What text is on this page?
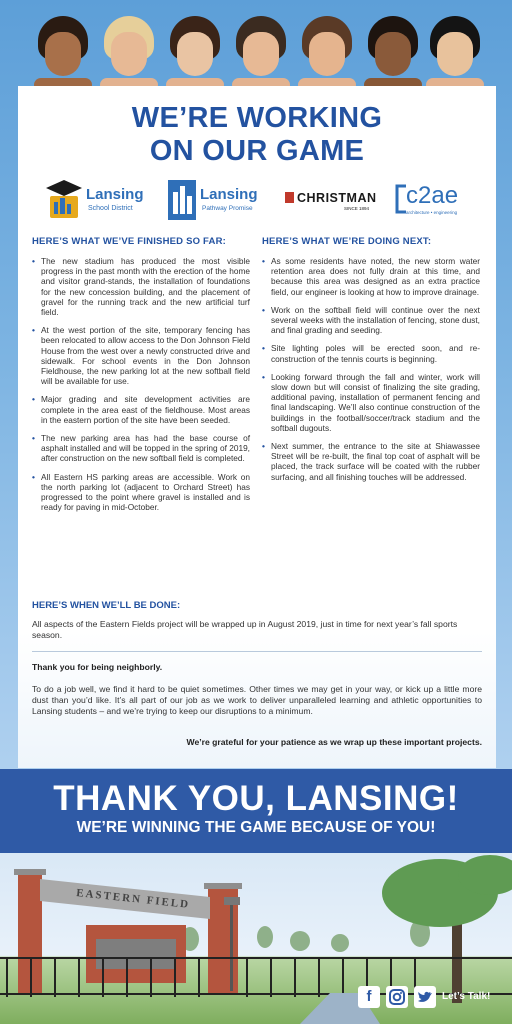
WE’RE WORKING
ON OUR GAME
Lansing
School District
Lansing
Pathway Promise
CHRISTMAN
SINCE 1894 c2ae
architecture • engineering
HERE’S WHAT WE’VE FINISHED SO FAR:
• The new stadium has produced the most visible progress in the past month with the erection of the home and visitor grand-stands, the installation of foundations for the new concession building, and the placement of gravel for the running track and the new artificial turf field.
• At the west portion of the site, temporary fencing has been relocated to allow access to the Don Johnson Field House from the west over a newly constructed drive and sidewalk. For school events in the Don Johnson Fieldhouse, the new parking lot at the new softball field will be available for use.
• Major grading and site development activities are complete in the area east of the fieldhouse. Most areas in the eastern portion of the site have been seeded.
• The new parking area has had the base course of asphalt installed and will be topped in the spring of 2019, after construction on the new softball field is completed.
• All Eastern HS parking areas are accessible. Work on the north parking lot (adjacent to Orchard Street) has progressed to the point where gravel is installed and is ready for paving in mid-October.
HERE’S WHAT WE’RE DOING NEXT:
• As some residents have noted, the new storm water retention area does not fully drain at this time, and because this area was designed as an extra practice field, our engineer is looking at how to improve drainage.
• Work on the softball field will continue over the next several weeks with the installation of fencing, stone dust, and final grading and seeding.
• Site lighting poles will be erected soon, and re-construction of the tennis courts is beginning.
• Looking forward through the fall and winter, work will slow down but will consist of finalizing the site grading, additional paving, installation of permanent fencing and final landscaping. We’ll also continue construction of the buildings in the football/soccer/track stadium and the softball dugouts.
• Next summer, the entrance to the site at Shiawassee Street will be re-built, the final top coat of asphalt will be placed, the track surface will be coated with the rubber surfacing, and all finishing touches will be addressed.
HERE’S WHEN WE’LL BE DONE:
All aspects of the Eastern Fields project will be wrapped up in August 2019, just in time for next year’s fall sports season.
Thank you for being neighborly.
To do a job well, we find it hard to be quiet sometimes. Other times we may get in your way, or kick up a little more dust than you’d like. It’s all part of our job as we work to deliver unparalleled learning and athletic opportunities to Lansing students – and we’re trying to keep our disruptions to a minimum.
We’re grateful for your patience as we wrap up these important projects.
THANK YOU, LANSING!
WE’RE WINNING THE GAME BECAUSE OF YOU!
EASTERN FIELD
f	Let’s Talk!
